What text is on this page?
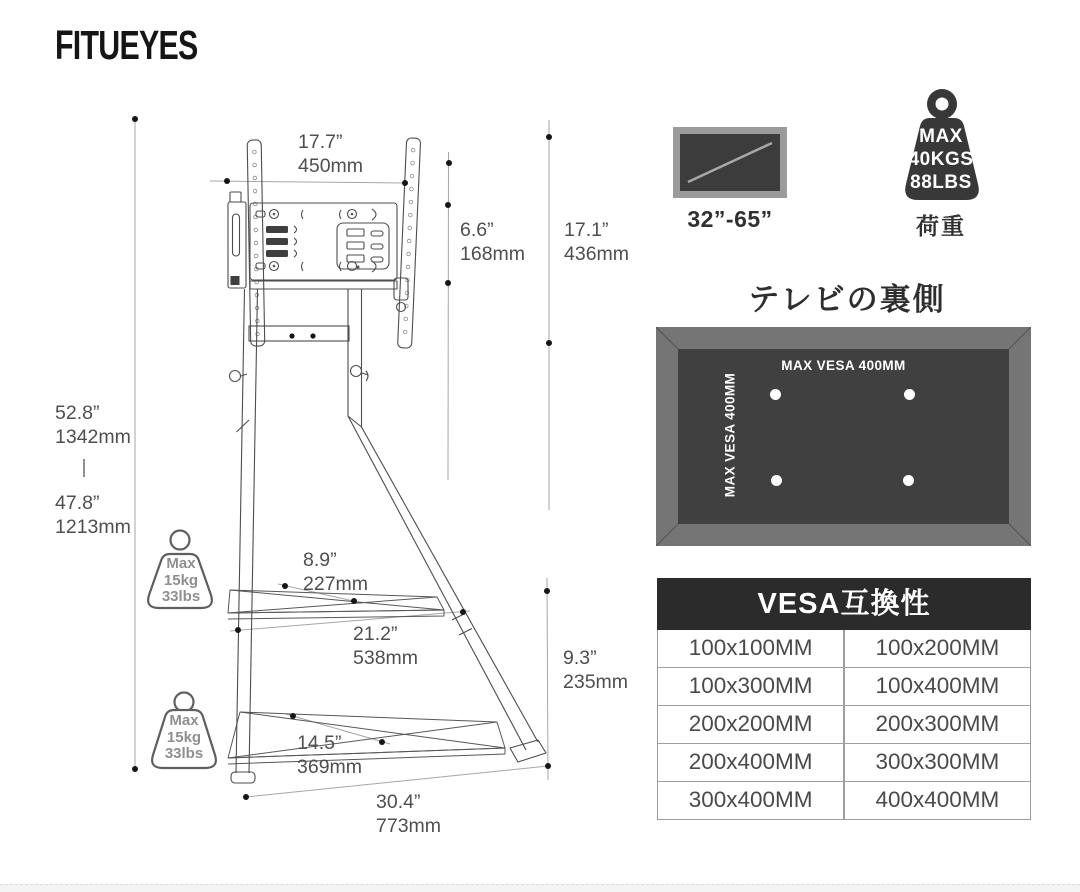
FITUEYES
17.7”
450mm
6.6”
168mm
17.1”
436mm
52.8”
1342mm
47.8”
1213mm
8.9”
227mm
21.2”
538mm	9.3”
235mm
14.5”
369mm
30.4”
773mm
Max
15kg
33lbs
Max
15kg
33lbs
32”-65”
MAX
40KGS
88LBS
荷重
テレビの裏側
MAX VESA 400MM
MAX VESA 400MM
VESA互換性
100x100MM	100x200MM
100x300MM	100x400MM
200x200MM	200x300MM
200x400MM	300x300MM
300x400MM	400x400MM
